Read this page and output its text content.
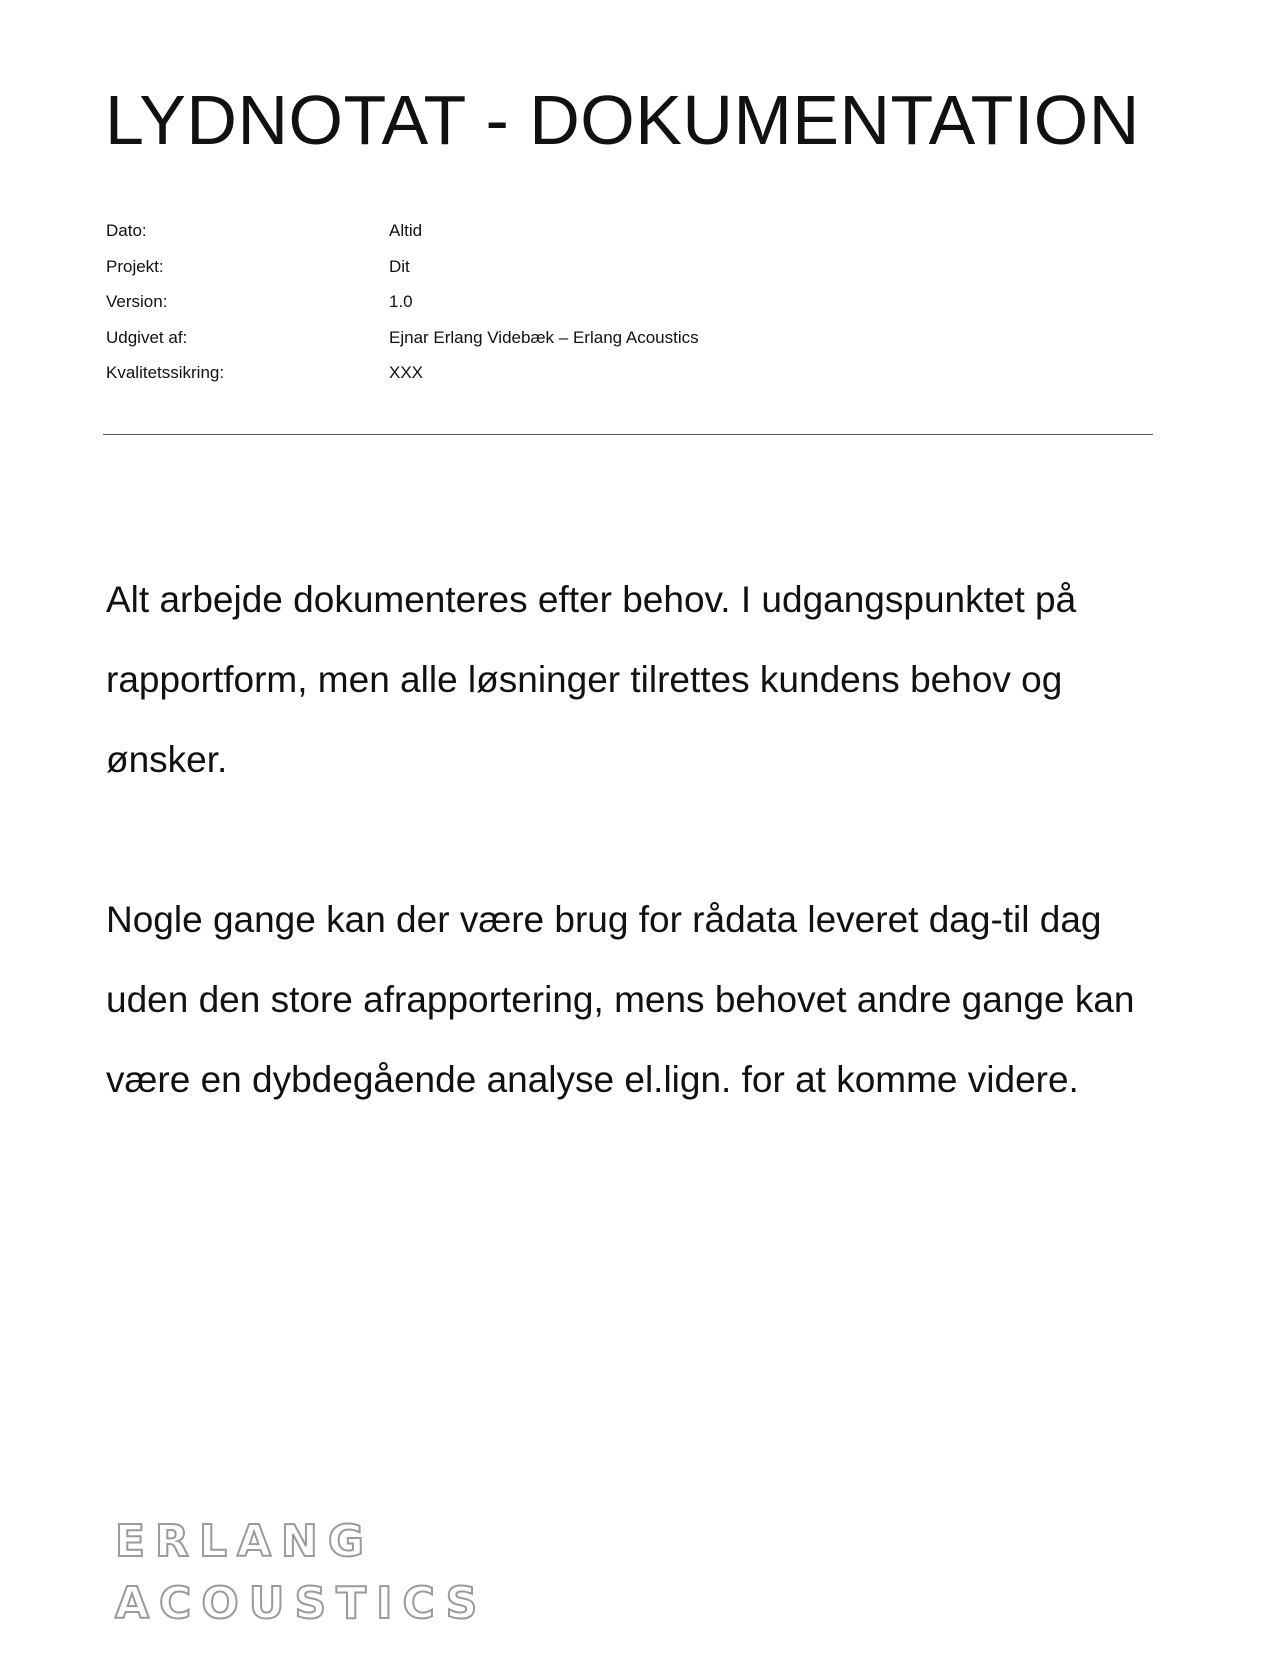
LYDNOTAT - DOKUMENTATION
Dato:	Altid
Projekt:	Dit
Version:	1.0
Udgivet af:	Ejnar Erlang Videbæk – Erlang Acoustics
Kvalitetssikring:	XXX

Alt arbejde dokumenteres efter behov. I udgangspunktet på rapportform, men alle løsninger tilrettes kundens behov og ønsker.

Nogle gange kan der være brug for rådata leveret dag-til dag uden den store afrapportering, mens behovet andre gange kan være en dybdegående analyse el.lign. for at komme videre.

ERLANG
ACOUSTICS
